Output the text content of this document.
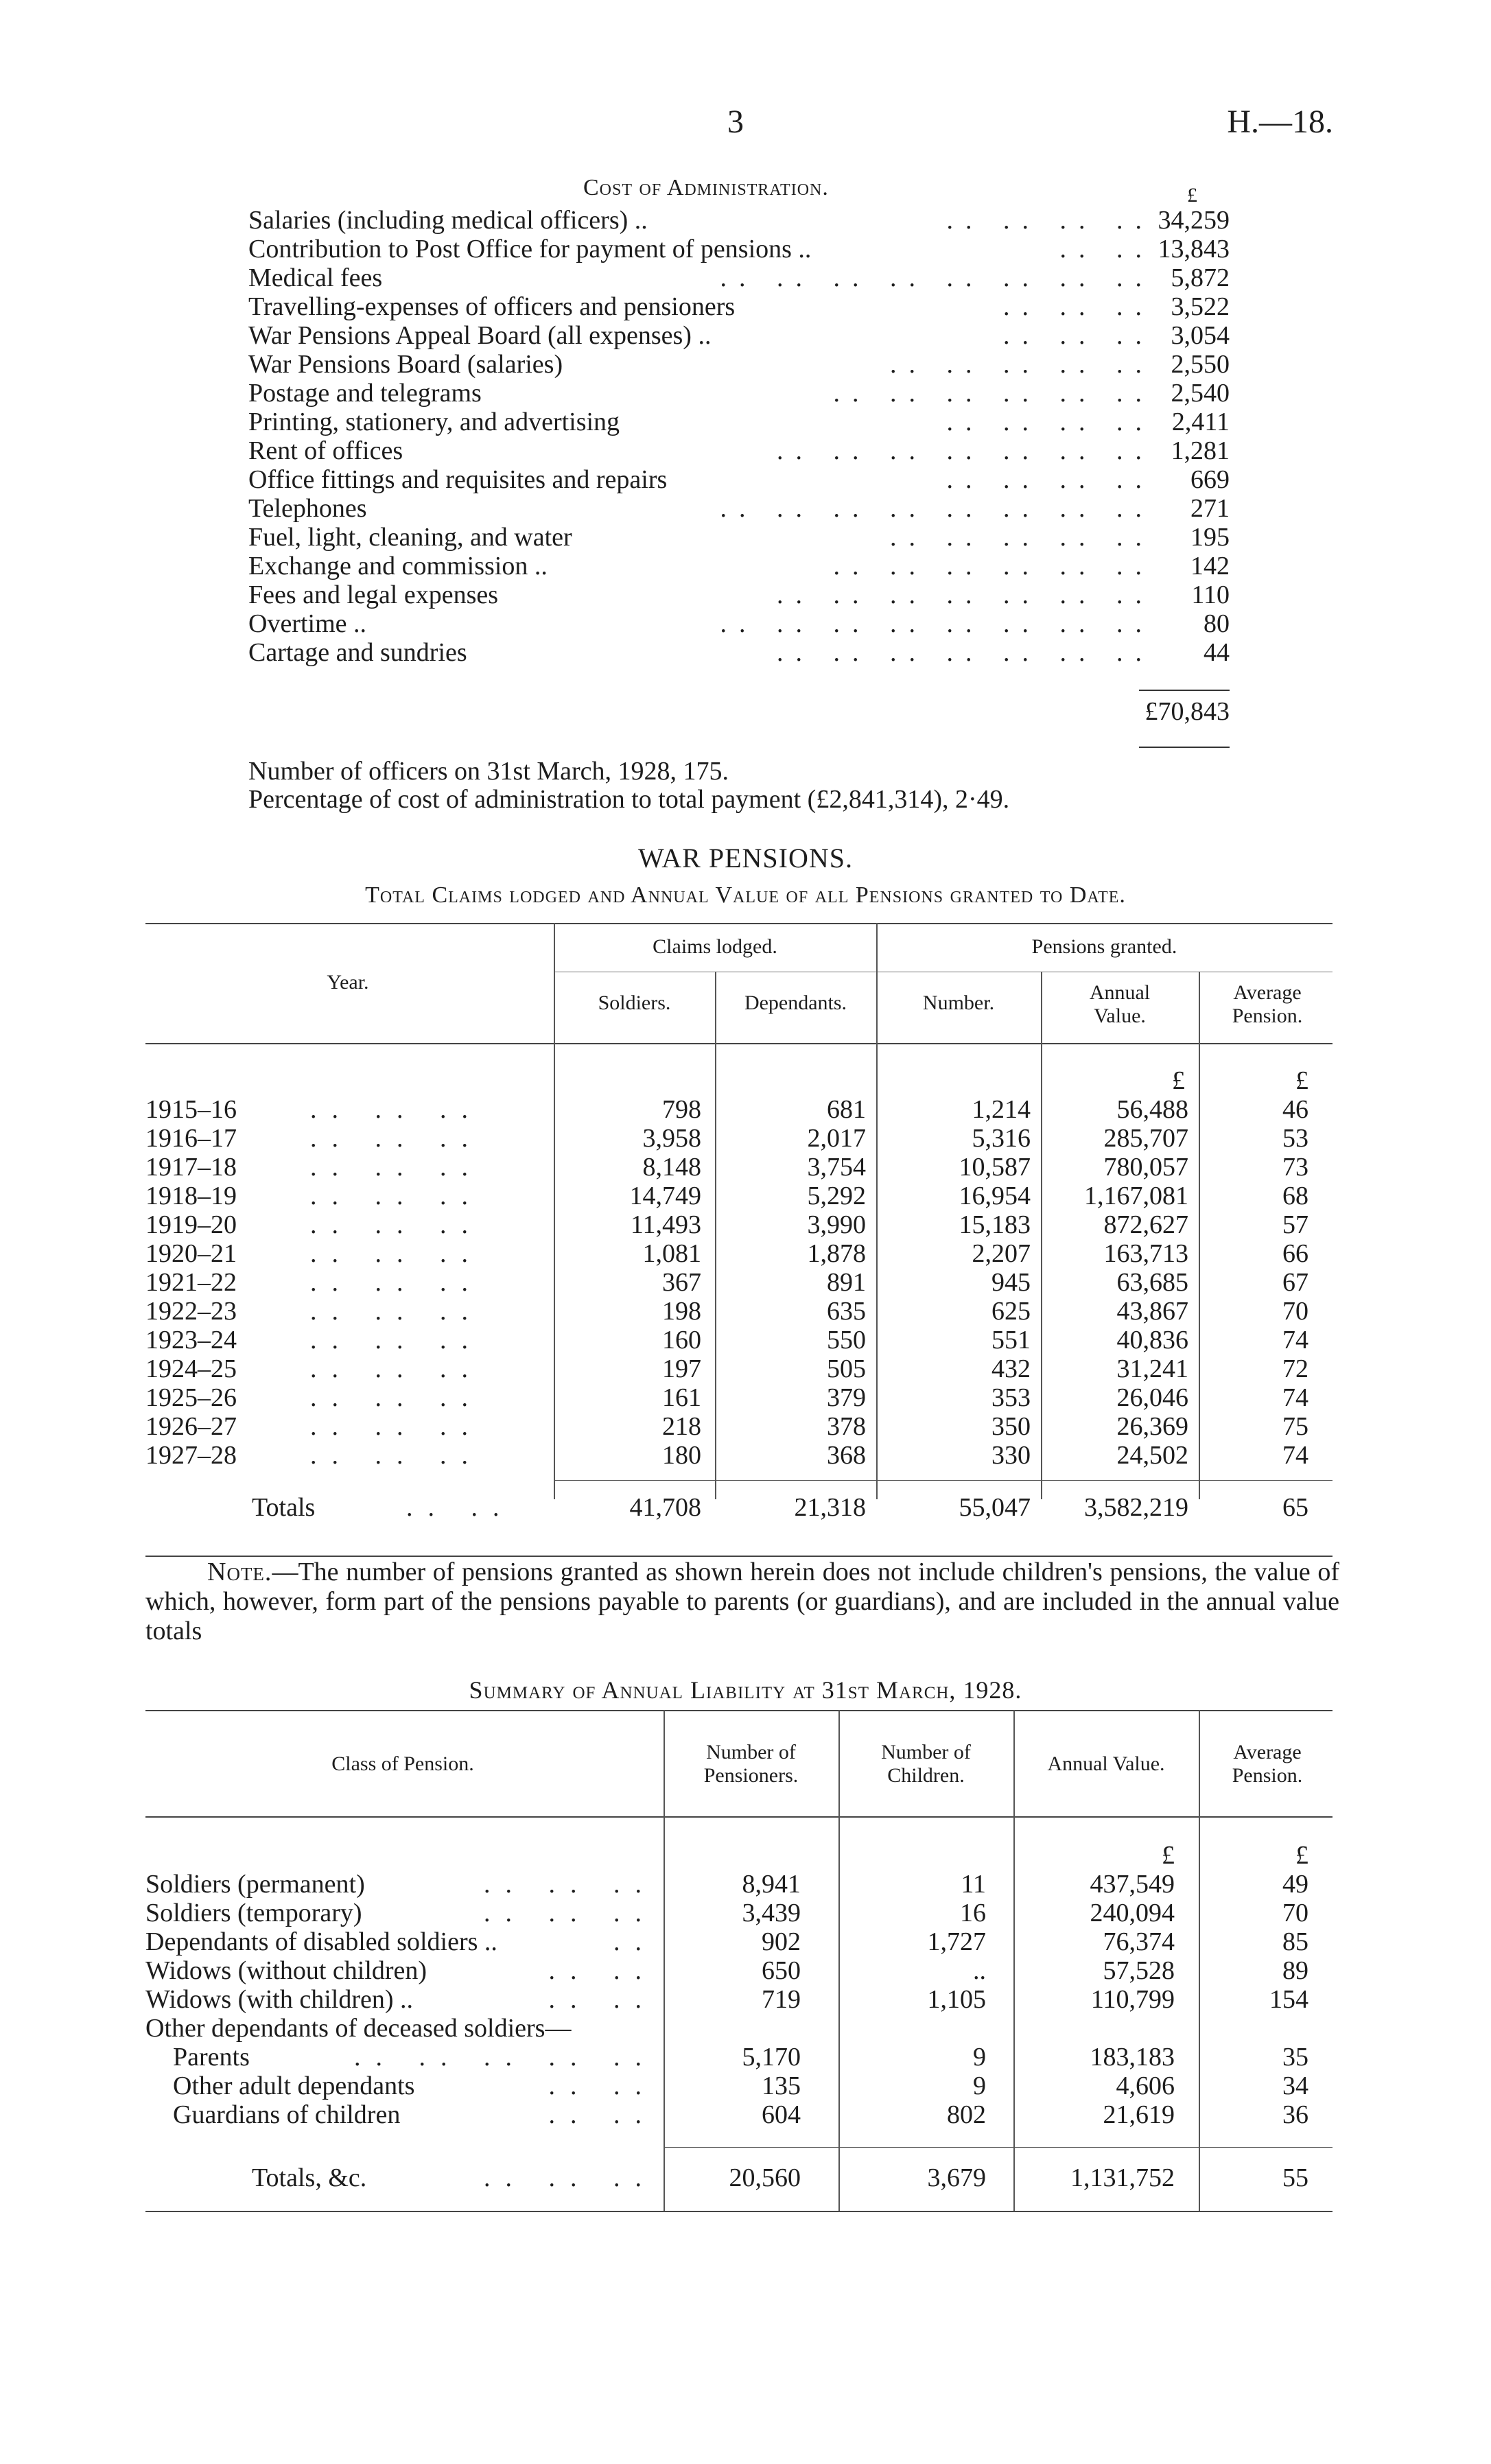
3	H.—18.
Cost of Administration.	£
Salaries (including medical officers) ..	.. .. .. .. 34,259
Contribution to Post Office for payment of pensions ..	.. .. 13,843
Medical fees	.. .. .. .. .. .. .. .. 5,872
Travelling-expenses of officers and pensioners	.. .. .. 3,522
War Pensions Appeal Board (all expenses) ..	.. .. .. 3,054
War Pensions Board (salaries)	.. .. .. .. .. 2,550
Postage and telegrams	.. .. .. .. .. .. 2,540
Printing, stationery, and advertising	.. .. .. .. 2,411
Rent of offices	.. .. .. .. .. .. .. 1,281
Office fittings and requisites and repairs	.. .. .. .. 669
Telephones	.. .. .. .. .. .. .. .. 271
Fuel, light, cleaning, and water	.. .. .. .. .. 195
Exchange and commission ..	.. .. .. .. .. .. 142
Fees and legal expenses	.. .. .. .. .. .. .. 110
Overtime ..	.. .. .. .. .. .. .. .. 80
Cartage and sundries	.. .. .. .. .. .. .. 44
£70,843
Number of officers on 31st March, 1928, 175.
Percentage of cost of administration to total payment (£2,841,314), 2·49.
WAR PENSIONS.
Total Claims lodged and Annual Value of all Pensions granted to Date.
Year.
Claims lodged.	Pensions granted.
Soldiers.	Dependants.	Number.	Annual Value.
Average Pension.
£	£
1915–16	.. .. ..	798	681	1,214	56,488	46
1916–17	.. .. ..	3,958	2,017	5,316	285,707	53
1917–18	.. .. ..	8,148	3,754	10,587	780,057	73
1918–19	.. .. ..	14,749	5,292	16,954	1,167,081	68
1919–20	.. .. ..	11,493	3,990	15,183	872,627	57
1920–21	.. .. ..	1,081	1,878	2,207	163,713	66
1921–22	.. .. ..	367	891	945	63,685	67
1922–23	.. .. ..	198	635	625	43,867	70
1923–24	.. .. ..	160	550	551	40,836	74
1924–25	.. .. ..	197	505	432	31,241	72
1925–26	.. .. ..	161	379	353	26,046	74
1926–27	.. .. ..	218	378	350	26,369	75
1927–28	.. .. ..	180	368	330	24,502	74
Totals	.. ..	41,708	21,318	55,047	3,582,219	65
Note.—The number of pensions granted as shown herein does not include children's pensions, the value of which, however, form part of the pensions payable to parents (or guardians), and are included in the annual value totals
Summary of Annual Liability at 31st March, 1928.
Class of Pension.
Number of Pensioners.
Number of Children.
Annual Value.
Average Pension.
£	£
Soldiers (permanent)	.. .. ..	8,941	11	437,549	49
Soldiers (temporary)	.. .. ..	3,439	16	240,094	70
Dependants of disabled soldiers ..	..	902	1,727	76,374	85
Widows (without children)	.. ..	650	..	57,528	89
Widows (with children) ..	.. ..	719	1,105	110,799	154
Other dependants of deceased soldiers—
Parents	.. .. .. .. ..	5,170	9	183,183	35
Other adult dependants	.. ..	135	9	4,606	34
Guardians of children	.. ..	604	802	21,619	36
Totals, &c.	.. .. ..	20,560	3,679	1,131,752	55
